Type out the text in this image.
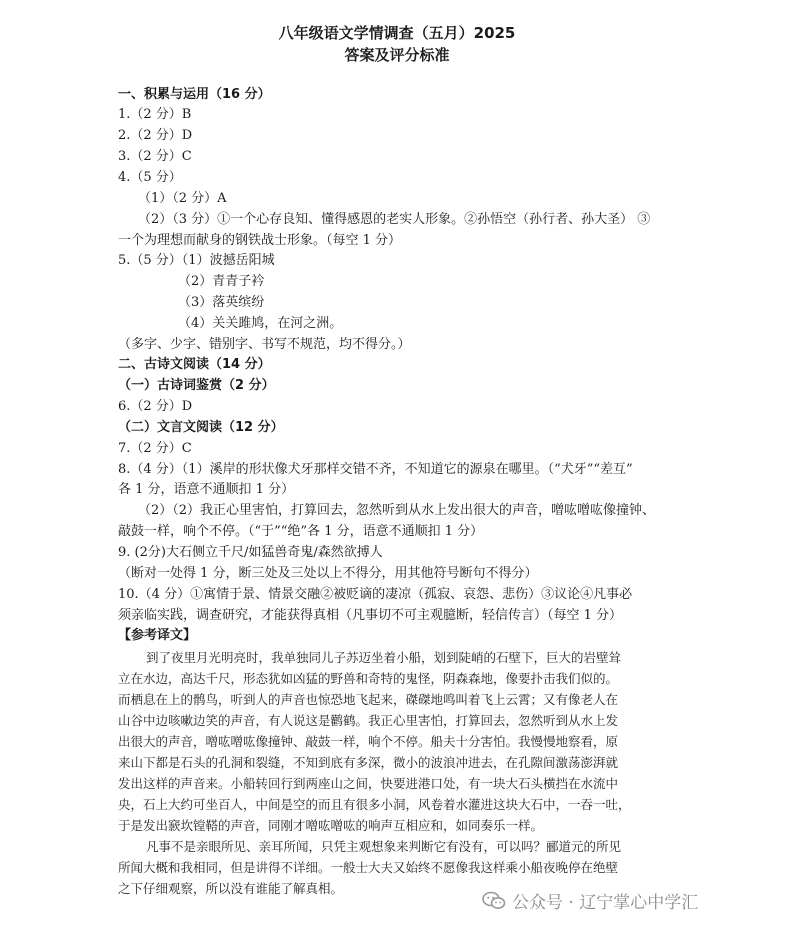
八年级语文学情调查（五月）2025
答案及评分标准
一、积累与运用（16 分）
1.（2 分）B
2.（2 分）D
3.（2 分）C
4.（5 分）
（1）（2 分）A
（2）（3 分）①一个心存良知、懂得感恩的老实人形象。②孙悟空（孙行者、孙大圣） ③
一个为理想而献身的钢铁战士形象。（每空 1 分）
5.（5 分）（1）波撼岳阳城
（2）青青子衿
（3）落英缤纷
（4）关关雎鸠，在河之洲。
（多字、少字、错别字、书写不规范，均不得分。）
二、古诗文阅读（14 分）
（一）古诗词鉴赏（2 分）
6.（2 分）D
（二）文言文阅读（12 分）
7.（2 分）C
8.（4 分）（1）溪岸的形状像犬牙那样交错不齐，不知道它的源泉在哪里。（“犬牙”“差互”
各 1 分，语意不通顺扣 1 分）
（2）（2）我正心里害怕，打算回去，忽然听到从水上发出很大的声音，噌吰噌吰像撞钟、
敲鼓一样，响个不停。（“于”“绝”各 1 分，语意不通顺扣 1 分）
9. (2分)大石侧立千尺/如猛兽奇鬼/森然欲搏人
（断对一处得 1 分，断三处及三处以上不得分，用其他符号断句不得分）
10.（4 分）①寓情于景、情景交融②被贬谪的凄凉（孤寂、哀怨、悲伤）③议论④凡事必
须亲临实践，调查研究，才能获得真相（凡事切不可主观臆断，轻信传言）（每空 1 分）
【参考译文】
到了夜里月光明亮时，我单独同儿子苏迈坐着小船，划到陡峭的石壁下，巨大的岩壁耸
立在水边，高达千尺，形态犹如凶猛的野兽和奇特的鬼怪，阴森森地，像要扑击我们似的。
而栖息在上的鹘鸟，听到人的声音也惊恐地飞起来，磔磔地鸣叫着飞上云霄；又有像老人在
山谷中边咳嗽边笑的声音，有人说这是鹳鹤。我正心里害怕，打算回去，忽然听到从水上发
出很大的声音，噌吰噌吰像撞钟、敲鼓一样，响个不停。船夫十分害怕。我慢慢地察看，原
来山下都是石头的孔洞和裂缝，不知到底有多深，微小的波浪冲进去，在孔隙间激荡澎湃就
发出这样的声音来。小船转回行到两座山之间，快要进港口处，有一块大石头横挡在水流中
央，石上大约可坐百人，中间是空的而且有很多小洞，风卷着水灌进这块大石中，一吞一吐，
于是发出窾坎镗鞳的声音，同刚才噌吰噌吰的响声互相应和，如同奏乐一样。
凡事不是亲眼所见、亲耳所闻，只凭主观想象来判断它有没有，可以吗？郦道元的所见
所闻大概和我相同，但是讲得不详细。一般士大夫又始终不愿像我这样乘小船夜晚停在绝壁
之下仔细观察，所以没有谁能了解真相。
公众号 · 辽宁掌心中学汇
